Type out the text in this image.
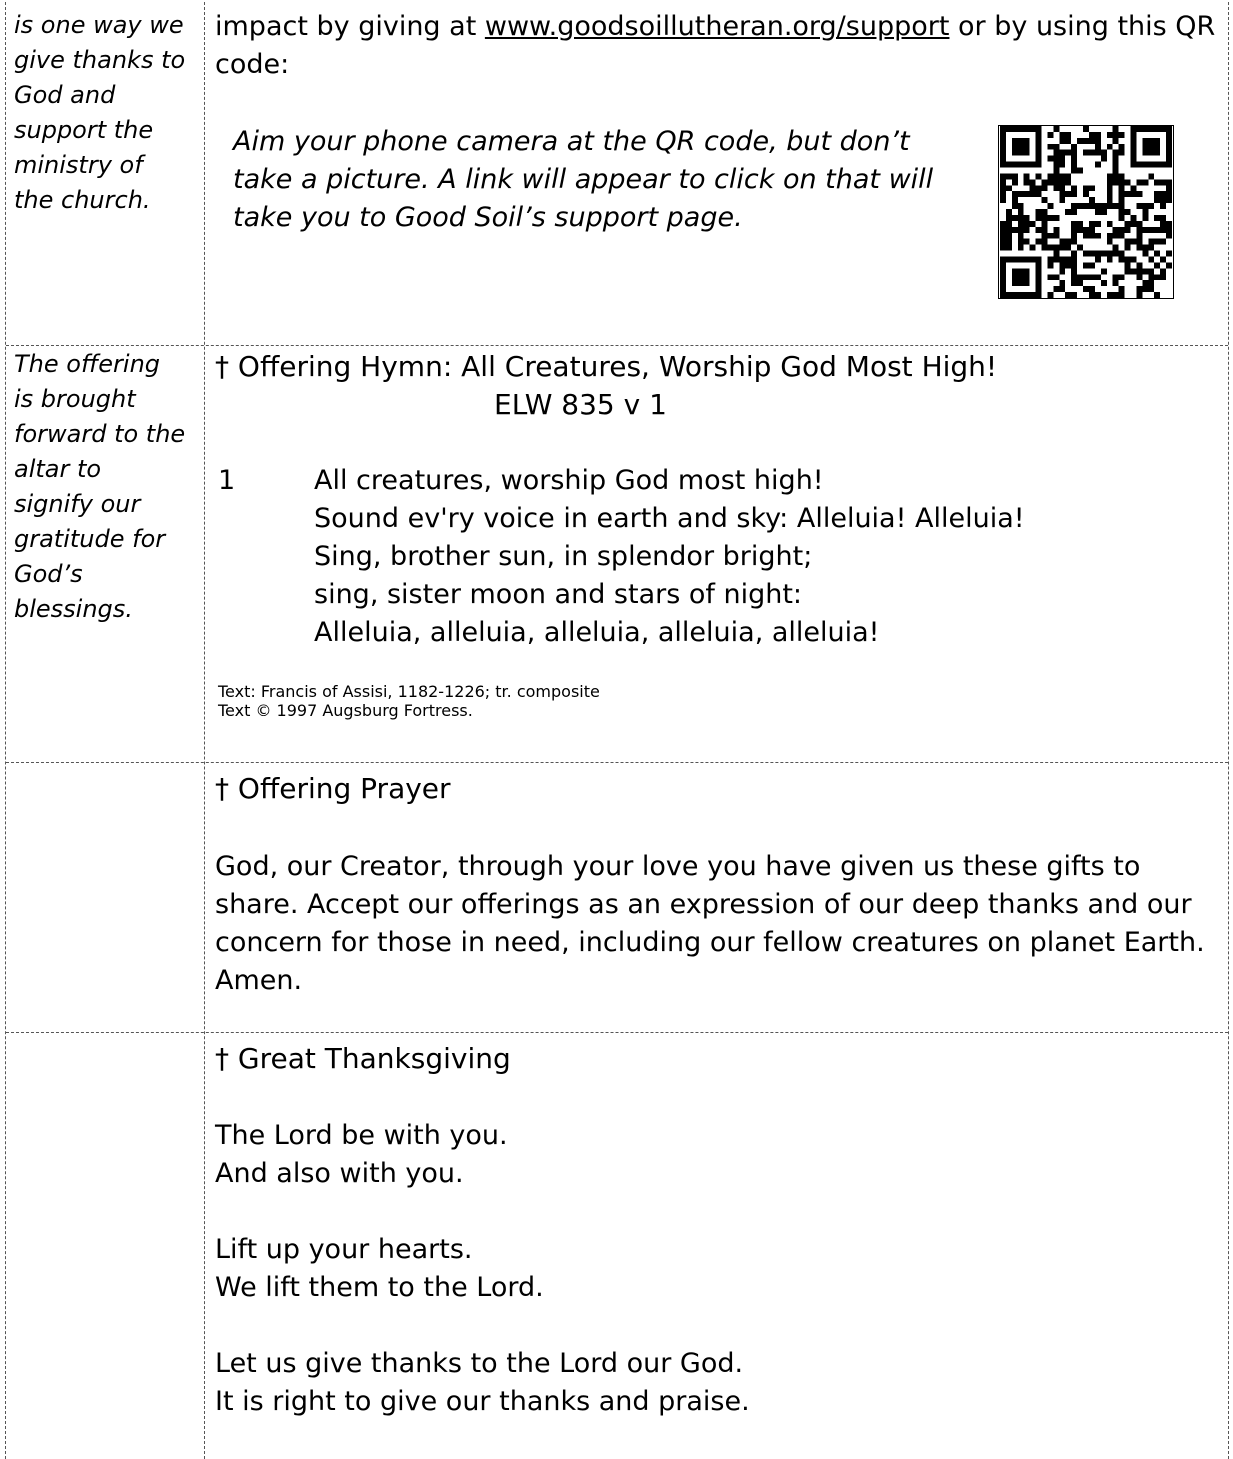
is one way we give thanks to God and support the ministry of the church.
impact by giving at www.goodsoillutheran.org/support or by using this QR code:
Aim your phone camera at the QR code, but don’t take a picture. A link will appear to click on that will take you to Good Soil’s support page.
The offering is brought forward to the altar to signify our gratitude for God’s blessings.
† Offering Hymn: All Creatures, Worship God Most High!
ELW 835 v 1
1	All creatures, worship God most high!
Sound ev'ry voice in earth and sky: Alleluia! Alleluia!
Sing, brother sun, in splendor bright;
sing, sister moon and stars of night:
Alleluia, alleluia, alleluia, alleluia, alleluia!
Text: Francis of Assisi, 1182-1226; tr. composite
Text © 1997 Augsburg Fortress.
† Offering Prayer
God, our Creator, through your love you have given us these gifts to share. Accept our offerings as an expression of our deep thanks and our concern for those in need, including our fellow creatures on planet Earth. Amen.
† Great Thanksgiving
The Lord be with you.
And also with you.
Lift up your hearts.
We lift them to the Lord.
Let us give thanks to the Lord our God.
It is right to give our thanks and praise.
